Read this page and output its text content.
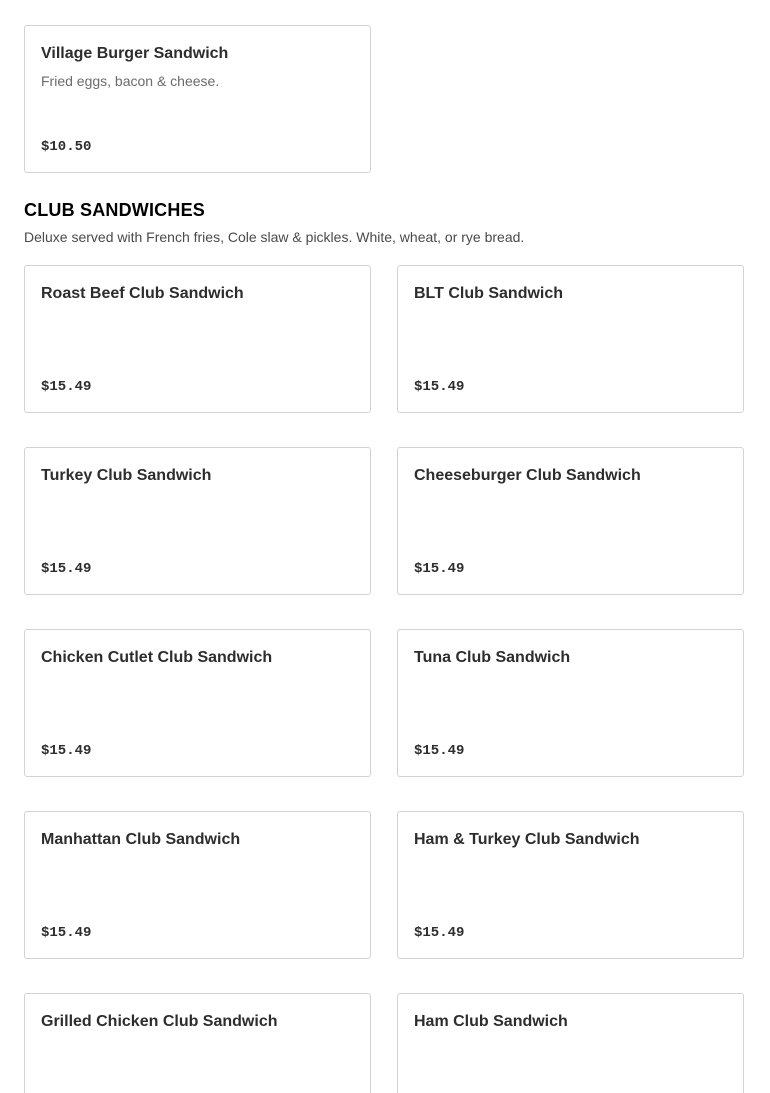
Village Burger Sandwich
Fried eggs, bacon & cheese.
$10.50
CLUB SANDWICHES

Deluxe served with French fries, Cole slaw & pickles. White, wheat, or rye bread.

Roast Beef Club Sandwich
$15.49
BLT Club Sandwich
$15.49
Turkey Club Sandwich
$15.49
Cheeseburger Club Sandwich
$15.49
Chicken Cutlet Club Sandwich
$15.49
Tuna Club Sandwich
$15.49
Manhattan Club Sandwich
$15.49
Ham & Turkey Club Sandwich
$15.49
Grilled Chicken Club Sandwich	Ham Club Sandwich
